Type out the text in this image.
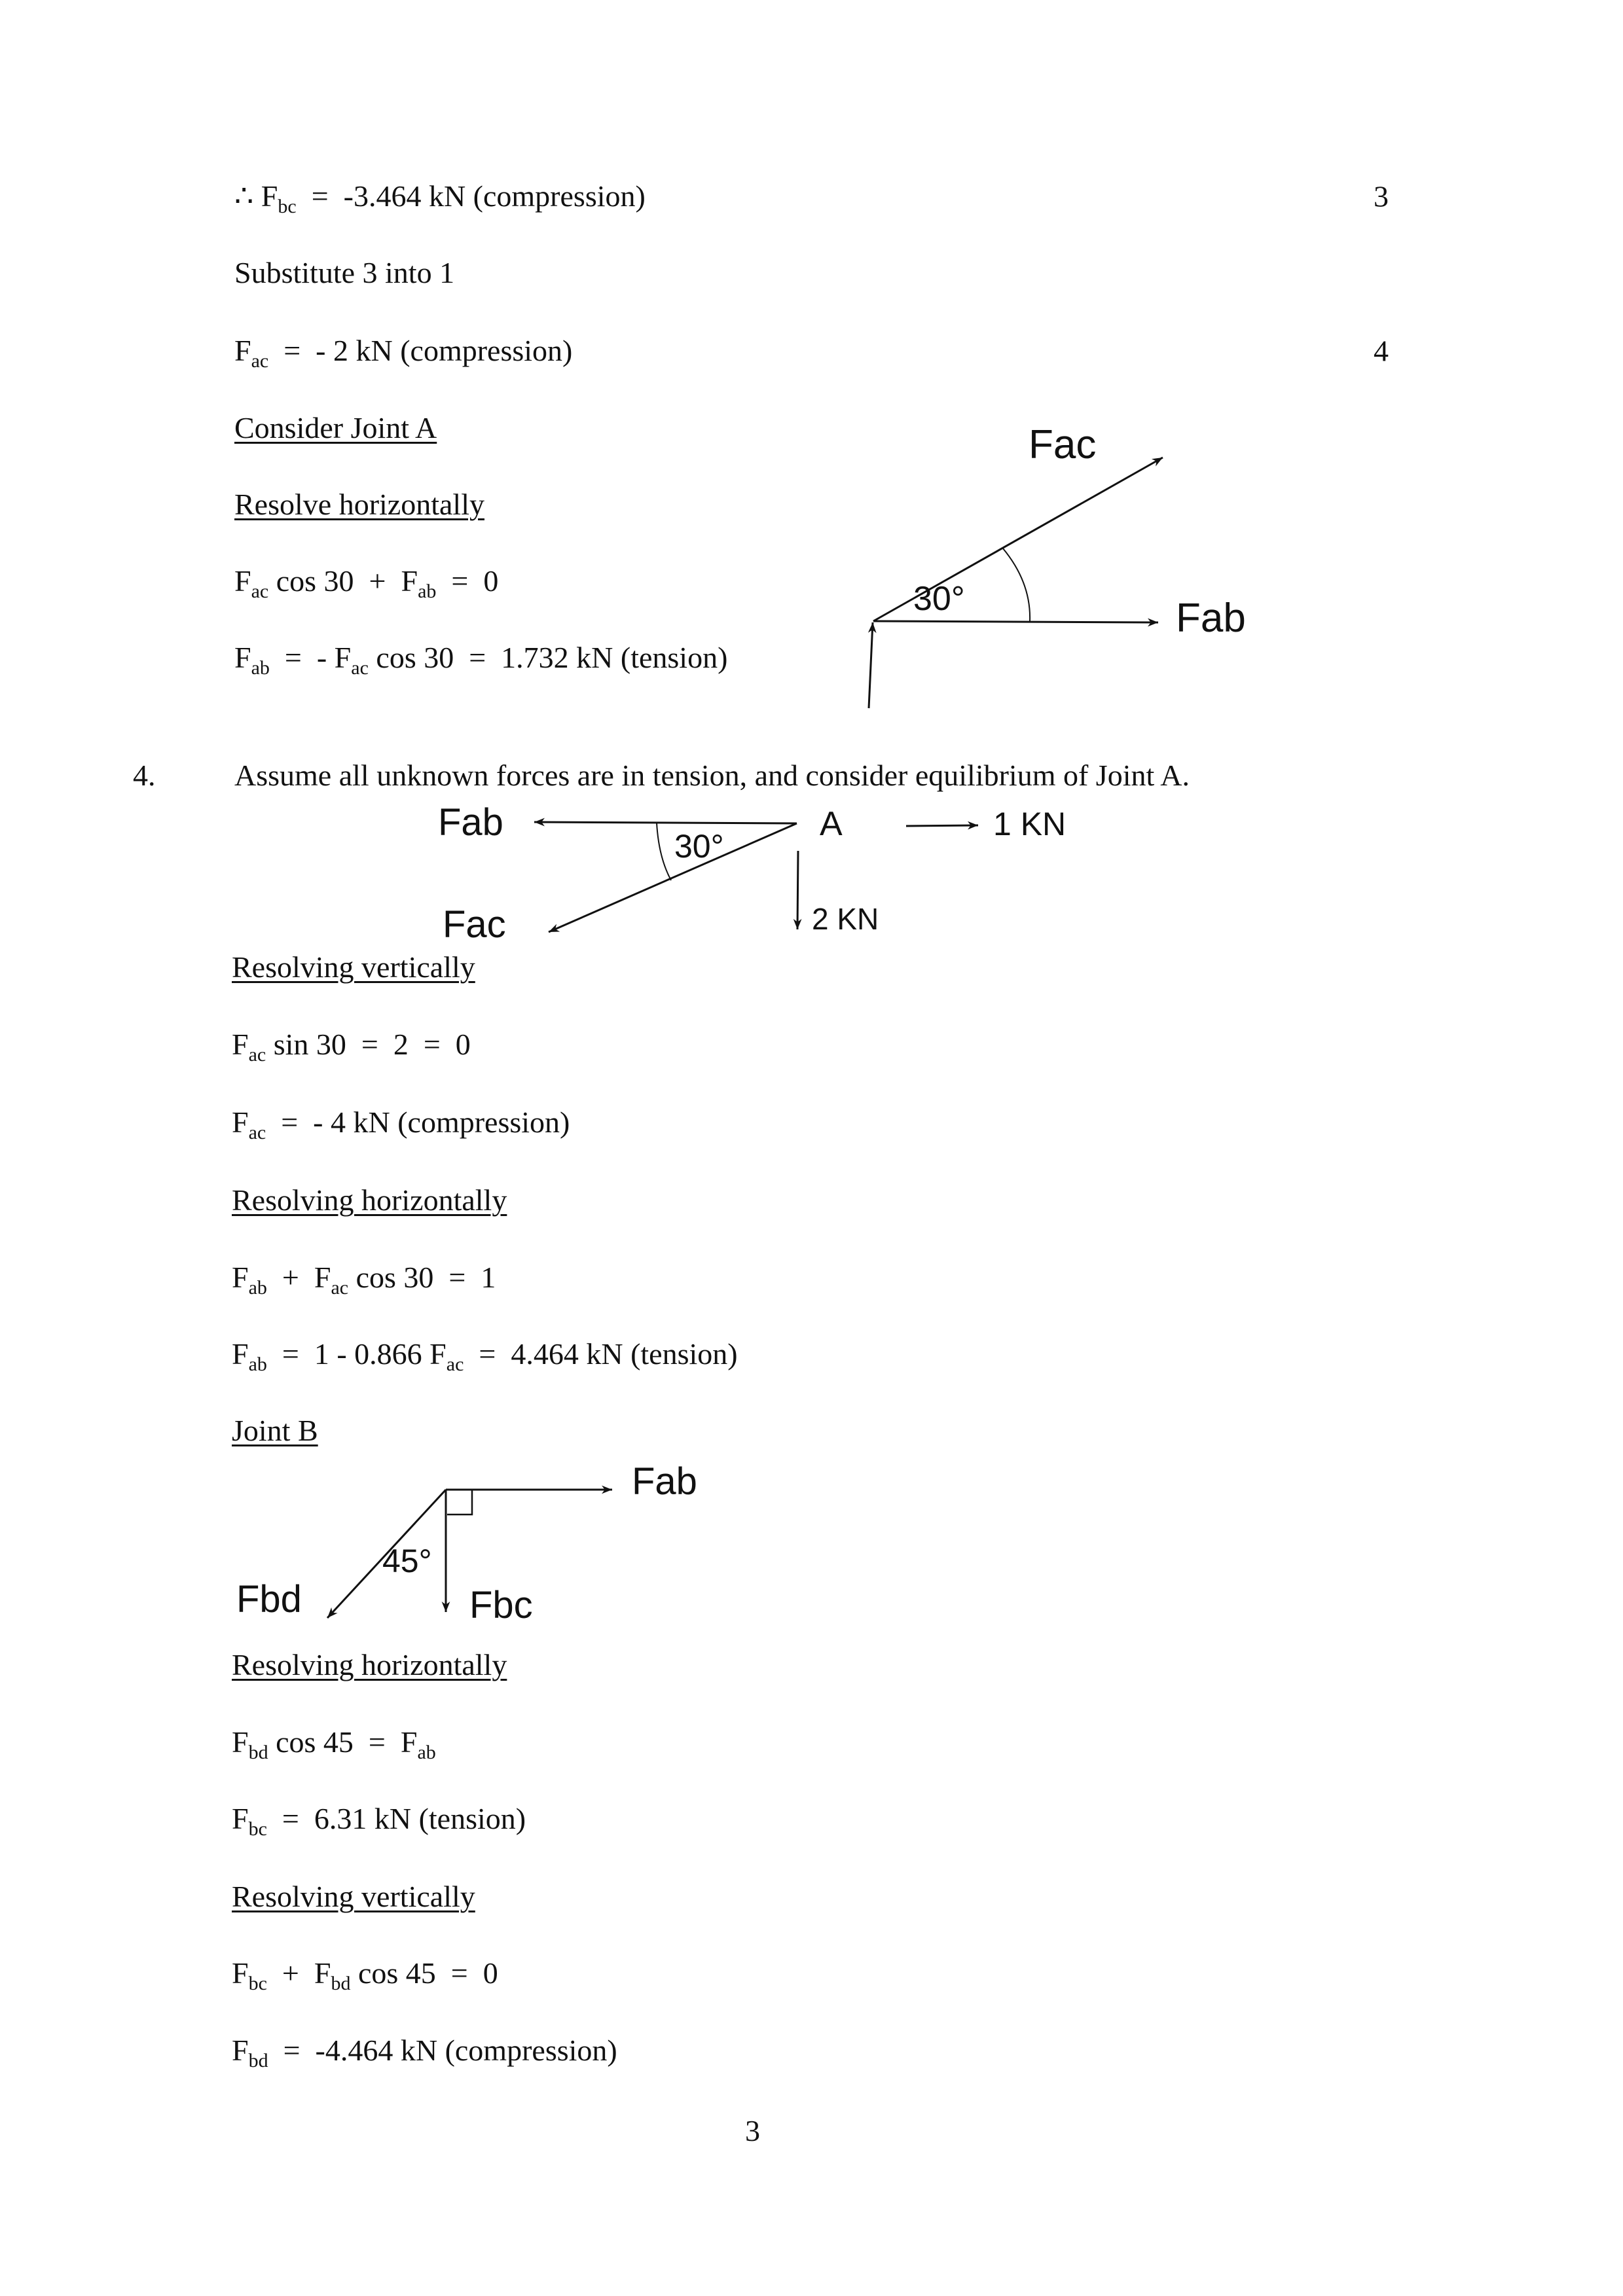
∴ $F_{bc} = -3.464$ kN (compression)	3
Substitute 3 into 1
$F_{ac}$  =  - 2 kN (compression)	4
Consider Joint A
Resolve horizontally
$F_{ac}$ $\cos 30 + F_{ab} = 0$
$F_{ab}$  =  - $F_{ac}$ cos 30  =  1.732 kN (tension)
Assume all unknown forces are in tension, and consider equilibrium of Joint A.
Resolving vertically
$F_{ac}$ sin 30  =  2  =  0
$F_{ac}$  =  - 4 kN (compression)
Resolving horizontally
$F_{ab} + F_{ac}$ cos 30  =  1
$F_{ab} = 1 - 0.866$ $F_{ac} = 4.464$ kN (tension)
Joint B
Resolving horizontally
$F_{bd}$ $\cos 45 = F_{ab}$
$F_{bc} = 6.31$ kN (tension)
Resolving vertically
$F_{bc} + F_{bd}$ cos 45  =  0
$F_{bd} = -4.464$ kN (compression)
4.
3
Fac
Fab
30°
Fab
Fac
30°
A	1 KN
2 KN
Fab
Fbd	Fbc
45°
